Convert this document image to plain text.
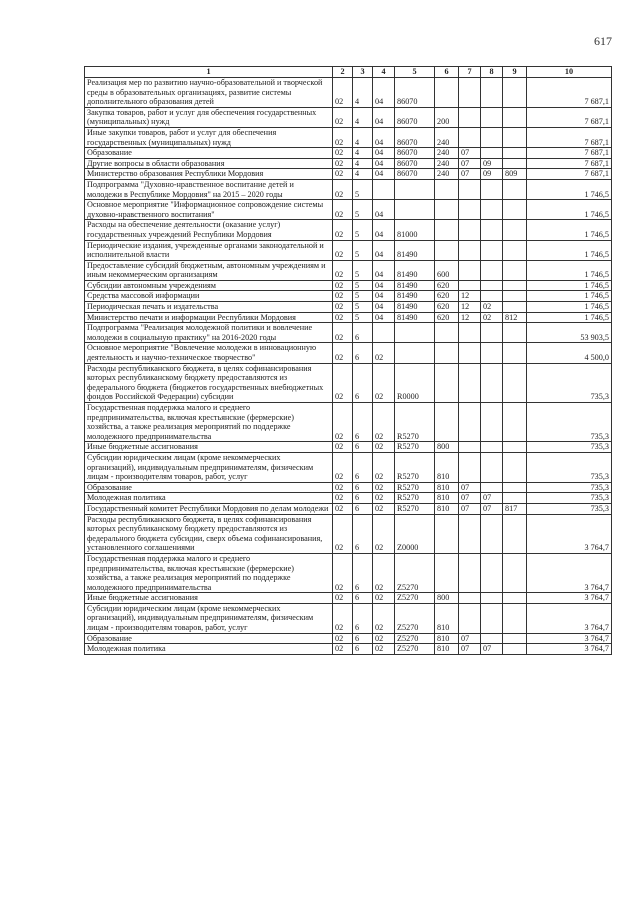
617
1	2	3	4	5	6	7	8	9	10
Реализация мер по развитию научно-образовательной и творческой среды в образовательных организациях, развитие системы дополнительного образования детей	02	4	04	86070					7 687,1
Закупка товаров, работ и услуг для обеспечения государственных (муниципальных) нужд	02	4	04	86070	200				7 687,1
Иные закупки товаров, работ и услуг для обеспечения государственных (муниципальных) нужд	02	4	04	86070	240				7 687,1
Образование	02	4	04	86070	240	07			7 687,1
Другие вопросы в области образования	02	4	04	86070	240	07	09		7 687,1
Министерство образования Республики Мордовия	02	4	04	86070	240	07	09	809	7 687,1
Подпрограмма "Духовно-нравственное воспитание детей и молодежи в Республике Мордовия" на 2015 – 2020 годы	02	5							1 746,5
Основное мероприятие "Информационное сопровождение системы духовно-нравственного воспитания"	02	5	04						1 746,5
Расходы на обеспечение деятельности (оказание услуг) государственных учреждений Республики Мордовия	02	5	04	81000					1 746,5
Периодические издания, учрежденные органами законодательной и исполнительной власти	02	5	04	81490					1 746,5
Предоставление субсидий бюджетным, автономным учреждениям и иным некоммерческим организациям	02	5	04	81490	600				1 746,5
Субсидии автономным учреждениям	02	5	04	81490	620				1 746,5
Средства массовой информации	02	5	04	81490	620	12			1 746,5
Периодическая печать и издательства	02	5	04	81490	620	12	02		1 746,5
Министерство печати и информации Республики Мордовия	02	5	04	81490	620	12	02	812	1 746,5
Подпрограмма "Реализация молодежной политики и вовлечение молодежи в социальную практику" на 2016-2020 годы	02	6							53 903,5
Основное мероприятие "Вовлечение молодежи в инновационную деятельность и научно-техническое творчество"	02	6	02						4 500,0
Расходы республиканского бюджета, в целях софинансирования которых республиканскому бюджету предоставляются из федерального бюджета (бюджетов государственных внебюджетных фондов Российской Федерации) субсидии	02	6	02	R0000					735,3
Государственная поддержка малого и среднего предпринимательства, включая крестьянские (фермерские) хозяйства, а также реализация мероприятий по поддержке молодежного предпринимательства	02	6	02	R5270					735,3
Иные бюджетные ассигнования	02	6	02	R5270	800				735,3
Субсидии юридическим лицам (кроме некоммерческих организаций), индивидуальным предпринимателям, физическим лицам - производителям товаров, работ, услуг	02	6	02	R5270	810				735,3
Образование	02	6	02	R5270	810	07			735,3
Молодежная политика	02	6	02	R5270	810	07	07		735,3
Государственный комитет Республики Мордовия по делам молодежи	02	6	02	R5270	810	07	07	817	735,3
Расходы республиканского бюджета, в целях софинансирования которых республиканскому бюджету предоставляются из федерального бюджета субсидии, сверх объема софинансирования, установленного соглашениями	02	6	02	Z0000					3 764,7
Государственная поддержка малого и среднего предпринимательства, включая крестьянские (фермерские) хозяйства, а также реализация мероприятий по поддержке молодежного предпринимательства	02	6	02	Z5270					3 764,7
Иные бюджетные ассигнования	02	6	02	Z5270	800				3 764,7
Субсидии юридическим лицам (кроме некоммерческих организаций), индивидуальным предпринимателям, физическим лицам - производителям товаров, работ, услуг	02	6	02	Z5270	810				3 764,7
Образование	02	6	02	Z5270	810	07			3 764,7
Молодежная политика	02	6	02	Z5270	810	07	07		3 764,7
